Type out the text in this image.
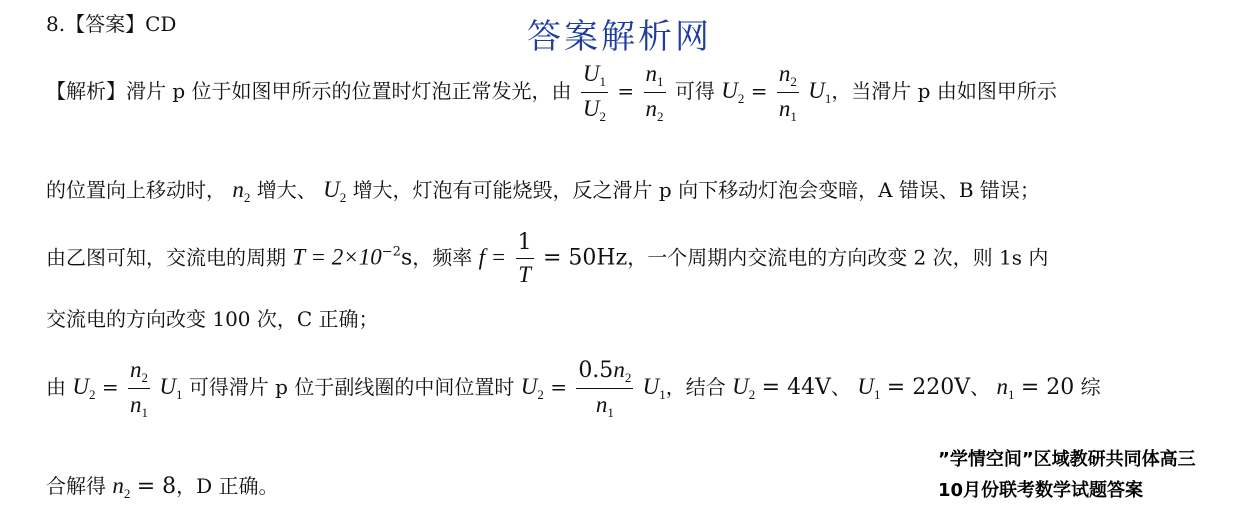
8.【答案】CD	答案解析网
【解析】滑片 p 位于如图甲所示的位置时灯泡正常发光，由 $\frac{U_1}{U_2} = \frac{n_1}{n_2}$ 可得 $U_2 = \frac{n_2}{n_1} U_1$，当滑片 p 由如图甲所示
的位置向上移动时， $n_2$ 增大、 $U_2$ 增大，灯泡有可能烧毁，反之滑片 p 向下移动灯泡会变暗，A 错误、B 错误；
由乙图可知，交流电的周期 $T = 2\times 10^{-2}s$，频率 $f = \frac{1}{T} = 50Hz$，一个周期内交流电的方向改变 2 次，则 1s 内
交流电的方向改变 100 次，C 正确；
由 $U_2 = \frac{n_2}{n_1} U_1$ 可得滑片 p 位于副线圈的中间位置时 $U_2 = \frac{0.5n_2}{n_1} U_1$，结合 $U_2 = 44V$、 $U_1 = 220V$、 $n_1 = 20$ 综
合解得 $n_2 = 8$，D 正确。
”学情空间”区域教研共同体高三
10月份联考数学试题答案
